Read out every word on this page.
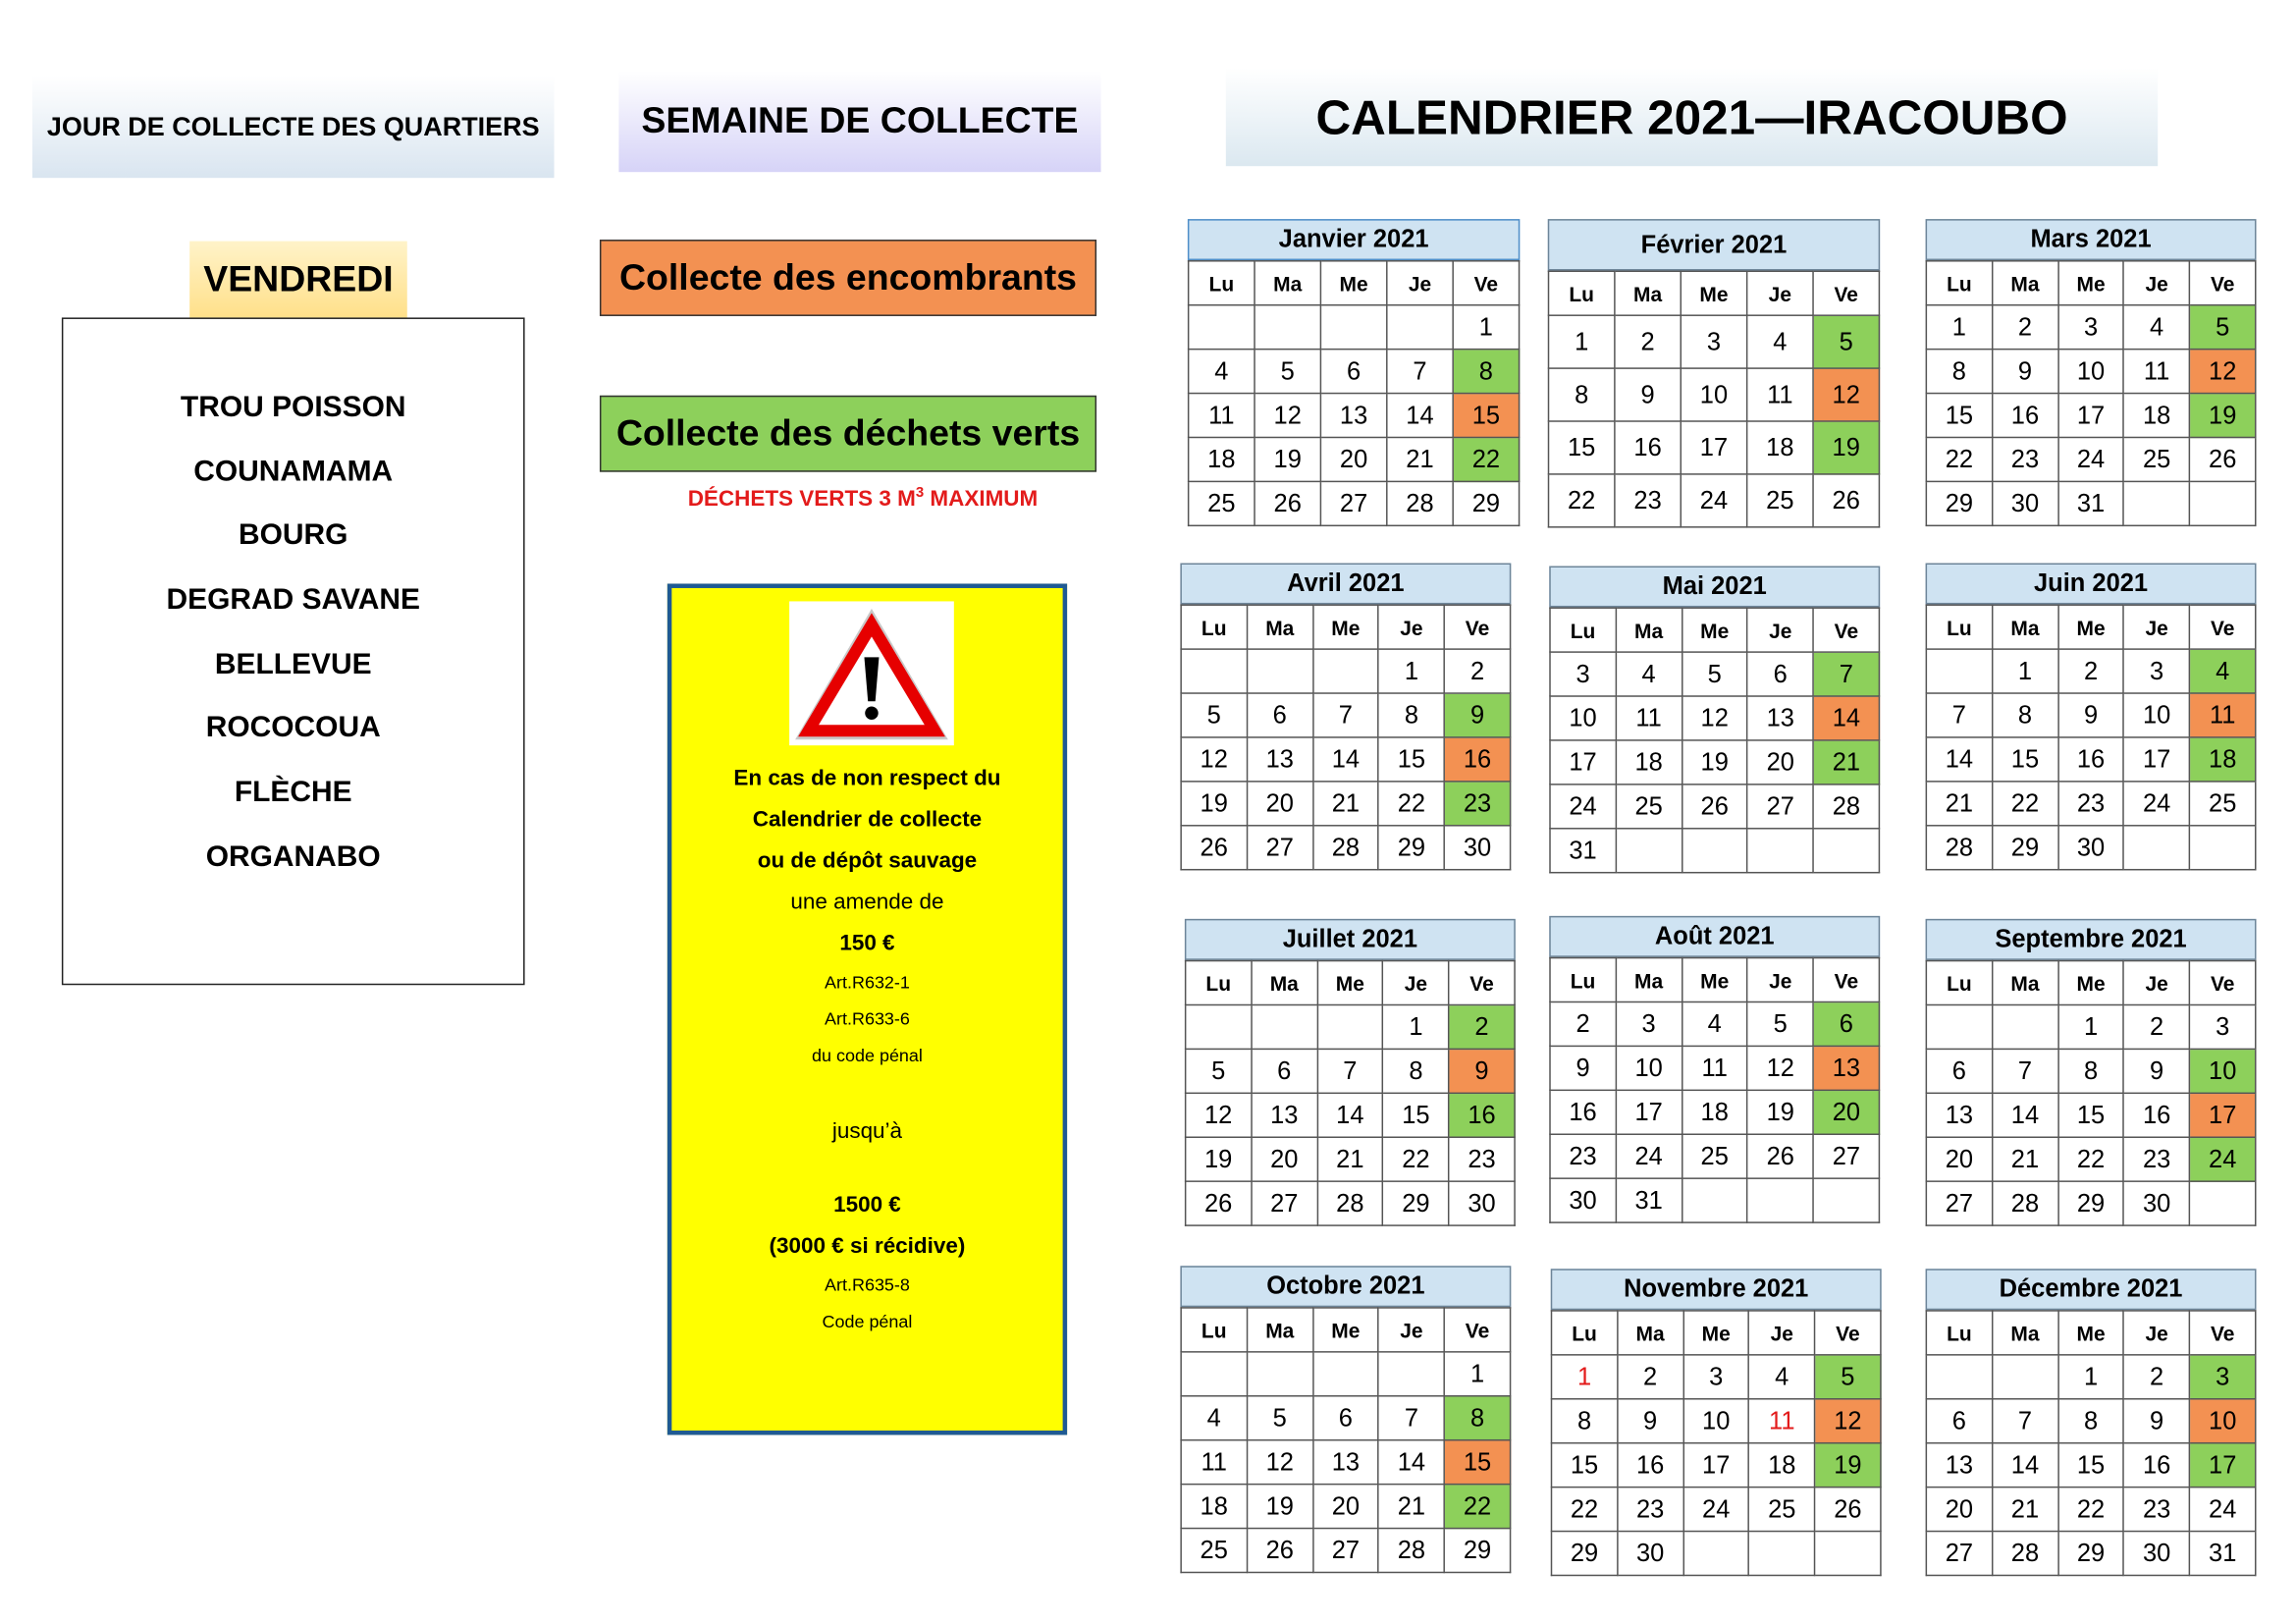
JOUR DE COLLECTE DES QUARTIERS	SEMAINE DE COLLECTE	CALENDRIER 2021—IRACOUBO
VENDREDI
TROU POISSON
COUNAMAMA
BOURG
DEGRAD SAVANE
BELLEVUE
ROCOCOUA
FLÈCHE
ORGANABO
Collecte des encombrants
Collecte des déchets verts
DÉCHETS VERTS 3 $M^3$ MAXIMUM
En cas de non respect du
Calendrier de collecte
ou de dépôt sauvage
une amende de
150 €
Art.R632-1
Art.R633-6
du code pénal
jusqu’à
1500 €
(3000 € si récidive)
Art.R635-8
Code pénal
Janvier 2021
Lu	Ma	Me	Je	Ve
				1
4	5	6	7	8
11	12	13	14	15
18	19	20	21	22
25	26	27	28	29
Février 2021
Lu	Ma	Me	Je	Ve
1	2	3	4	5
8	9	10	11	12
15	16	17	18	19
22	23	24	25	26
Mars 2021
Lu	Ma	Me	Je	Ve
1	2	3	4	5
8	9	10	11	12
15	16	17	18	19
22	23	24	25	26
29	30	31		
Avril 2021
Lu	Ma	Me	Je	Ve
			1	2
5	6	7	8	9
12	13	14	15	16
19	20	21	22	23
26	27	28	29	30
Mai 2021
Lu	Ma	Me	Je	Ve
3	4	5	6	7
10	11	12	13	14
17	18	19	20	21
24	25	26	27	28
31				
Juin 2021
Lu	Ma	Me	Je	Ve
	1	2	3	4
7	8	9	10	11
14	15	16	17	18
21	22	23	24	25
28	29	30		
Juillet 2021
Lu	Ma	Me	Je	Ve
			1	2
5	6	7	8	9
12	13	14	15	16
19	20	21	22	23
26	27	28	29	30
Août 2021
Lu	Ma	Me	Je	Ve
2	3	4	5	6
9	10	11	12	13
16	17	18	19	20
23	24	25	26	27
30	31			
Septembre 2021
Lu	Ma	Me	Je	Ve
		1	2	3
6	7	8	9	10
13	14	15	16	17
20	21	22	23	24
27	28	29	30	
Octobre 2021
Lu	Ma	Me	Je	Ve
				1
4	5	6	7	8
11	12	13	14	15
18	19	20	21	22
25	26	27	28	29
Novembre 2021
Lu	Ma	Me	Je	Ve
1	2	3	4	5
8	9	10	11	12
15	16	17	18	19
22	23	24	25	26
29	30			
Décembre 2021
Lu	Ma	Me	Je	Ve
		1	2	3
6	7	8	9	10
13	14	15	16	17
20	21	22	23	24
27	28	29	30	31
